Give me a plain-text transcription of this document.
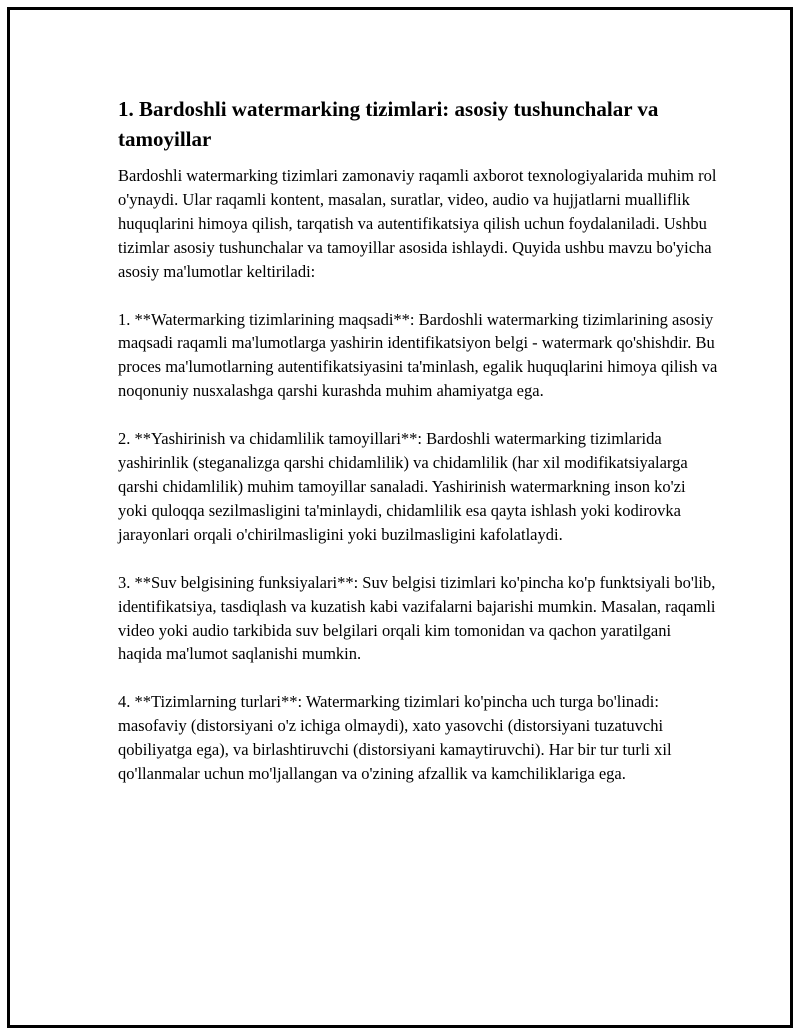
1. Bardoshli watermarking tizimlari: asosiy tushunchalar va tamoyillar

Bardoshli watermarking tizimlari zamonaviy raqamli axborot texnologiyalarida muhim rol o'ynaydi. Ular raqamli kontent, masalan, suratlar, video, audio va hujjatlarni mualliflik huquqlarini himoya qilish, tarqatish va autentifikatsiya qilish uchun foydalaniladi. Ushbu tizimlar asosiy tushunchalar va tamoyillar asosida ishlaydi. Quyida ushbu mavzu bo'yicha asosiy ma'lumotlar keltiriladi:

1. **Watermarking tizimlarining maqsadi**: Bardoshli watermarking tizimlarining asosiy maqsadi raqamli ma'lumotlarga yashirin identifikatsiyon belgi - watermark qo'shishdir. Bu proces ma'lumotlarning autentifikatsiyasini ta'minlash, egalik huquqlarini himoya qilish va noqonuniy nusxalashga qarshi kurashda muhim ahamiyatga ega.

2. **Yashirinish va chidamlilik tamoyillari**: Bardoshli watermarking tizimlarida yashirinlik (steganalizga qarshi chidamlilik) va chidamlilik (har xil modifikatsiyalarga qarshi chidamlilik) muhim tamoyillar sanaladi. Yashirinish watermarkning inson ko'zi yoki quloqqa sezilmasligini ta'minlaydi, chidamlilik esa qayta ishlash yoki kodirovka jarayonlari orqali o'chirilmasligini yoki buzilmasligini kafolatlaydi.

3. **Suv belgisining funksiyalari**: Suv belgisi tizimlari ko'pincha ko'p funktsiyali bo'lib, identifikatsiya, tasdiqlash va kuzatish kabi vazifalarni bajarishi mumkin. Masalan, raqamli video yoki audio tarkibida suv belgilari orqali kim tomonidan va qachon yaratilgani haqida ma'lumot saqlanishi mumkin.

4. **Tizimlarning turlari**: Watermarking tizimlari ko'pincha uch turga bo'linadi: masofaviy (distorsiyani o'z ichiga olmaydi), xato yasovchi (distorsiyani tuzatuvchi qobiliyatga ega), va birlashtiruvchi (distorsiyani kamaytiruvchi). Har bir tur turli xil qo'llanmalar uchun mo'ljallangan va o'zining afzallik va kamchiliklariga ega.
